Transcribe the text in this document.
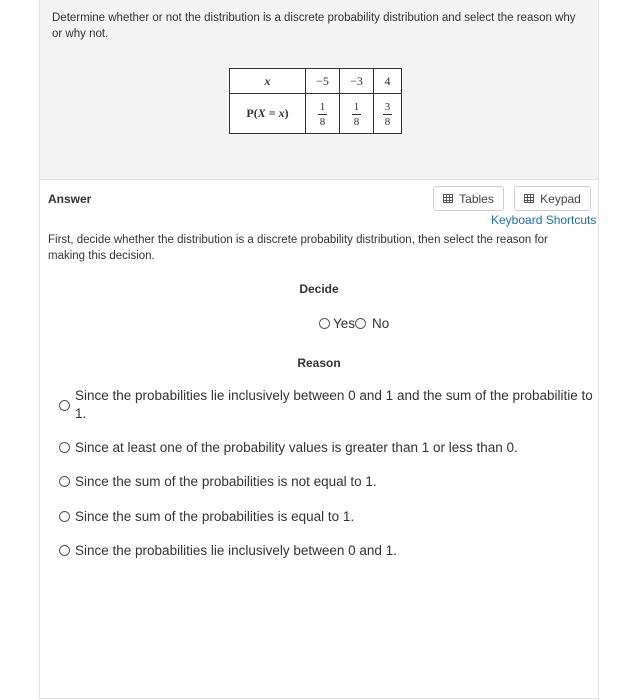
Determine whether or not the distribution is a discrete probability distribution and select the reason why or why not.
x	−5	−3	4
P(X = x)	$\frac{1}{8}$	$\frac{1}{8}$	$\frac{3}{8}$
Answer	Tables	Keypad
Keyboard Shortcuts
First, decide whether the distribution is a discrete probability distribution, then select the reason for making this decision.
Decide
Yes No
Reason
Since the probabilities lie inclusively between 0 and 1 and the sum of the probabilitie to 1.
Since at least one of the probability values is greater than 1 or less than 0.
Since the sum of the probabilities is not equal to 1.
Since the sum of the probabilities is equal to 1.
Since the probabilities lie inclusively between 0 and 1.
